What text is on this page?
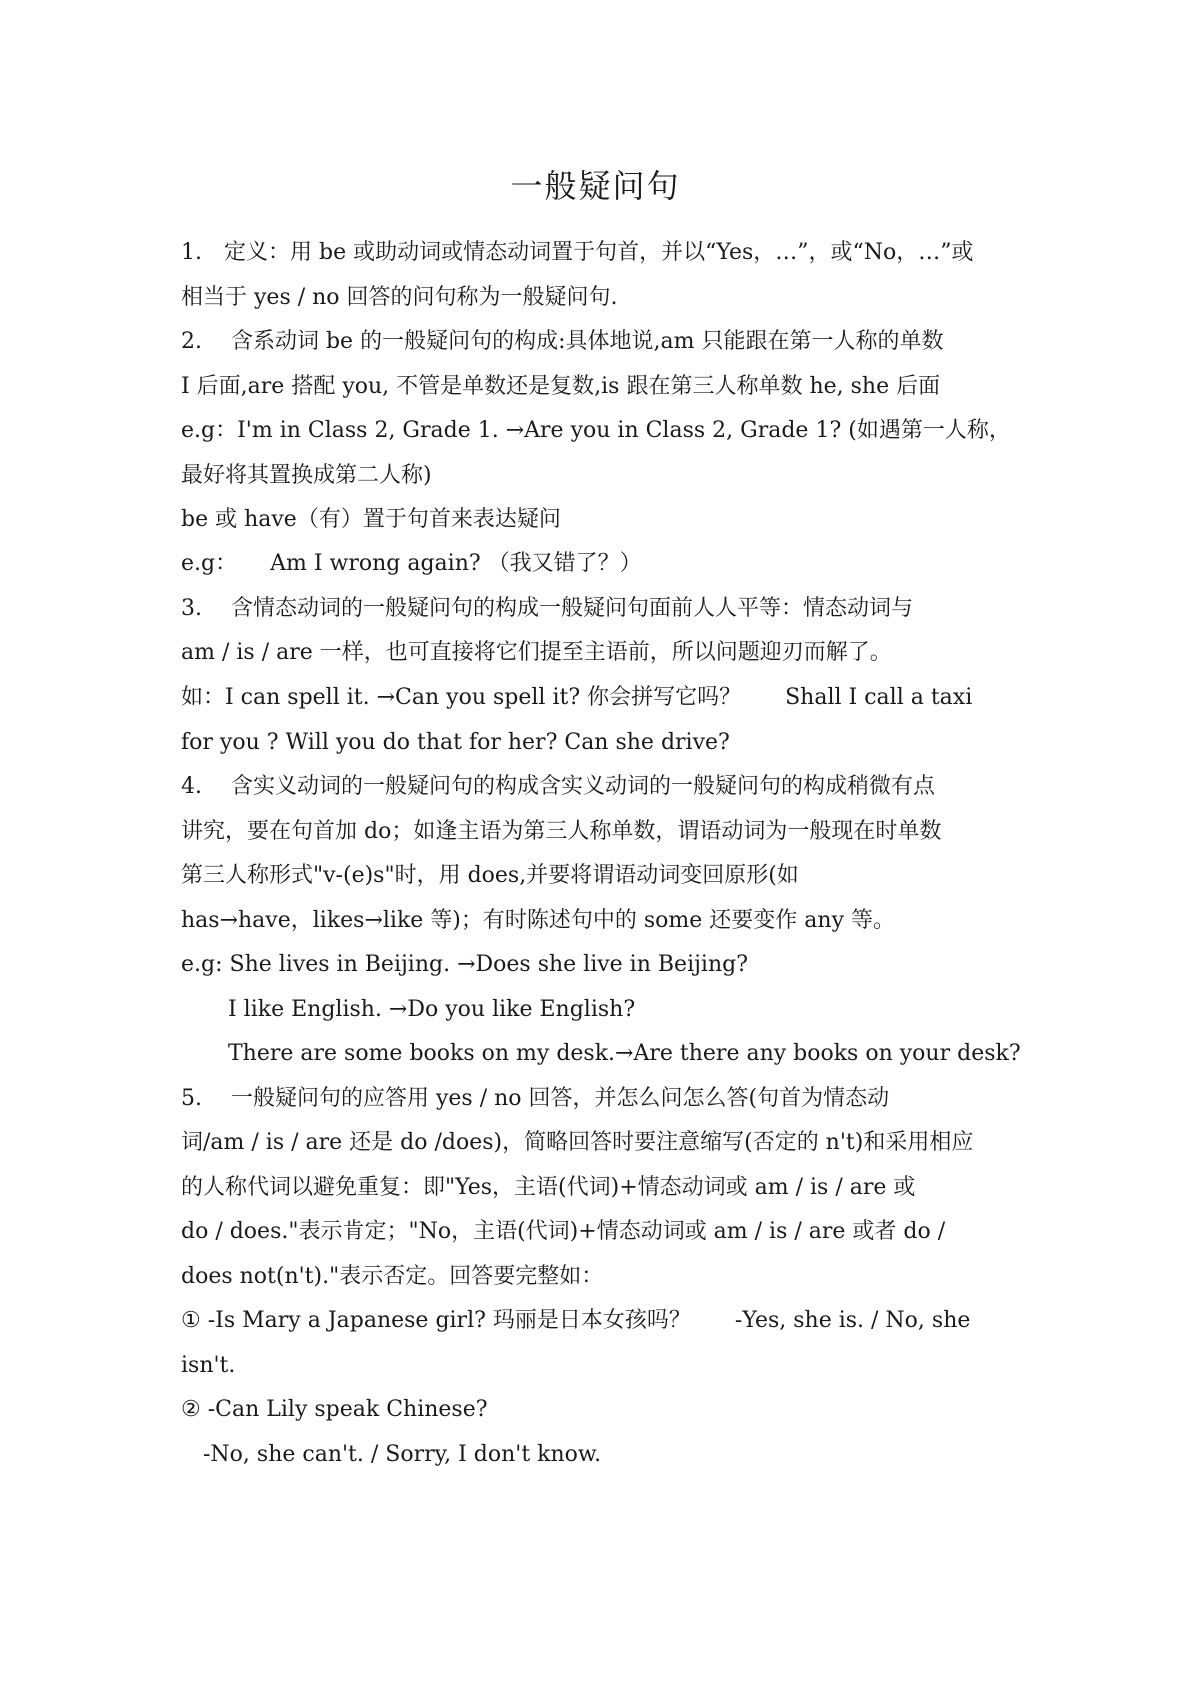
一般疑问句
1.　定义：用 be 或助动词或情态动词置于句首，并以“Yes，…”，或“No，…”或
相当于 yes / no 回答的问句称为一般疑问句.
2.　 含系动词 be 的一般疑问句的构成:具体地说,am 只能跟在第一人称的单数
I 后面,are 搭配 you, 不管是单数还是复数,is 跟在第三人称单数 he, she 后面
e.g：I'm in Class 2, Grade 1. →Are you in Class 2, Grade 1? (如遇第一人称，
最好将其置换成第二人称)
be 或 have（有）置于句首来表达疑问
e.g：　　Am I wrong again? （我又错了？）
3.　 含情态动词的一般疑问句的构成一般疑问句面前人人平等：情态动词与
am / is / are 一样，也可直接将它们提至主语前，所以问题迎刃而解了。
如：I can spell it. →Can you spell it? 你会拼写它吗？　　Shall I call a taxi
for you ? Will you do that for her? Can she drive?
4.　 含实义动词的一般疑问句的构成含实义动词的一般疑问句的构成稍微有点
讲究，要在句首加 do；如逢主语为第三人称单数，谓语动词为一般现在时单数
第三人称形式"v-(e)s"时，用 does,并要将谓语动词变回原形(如
has→have，likes→like 等)；有时陈述句中的 some 还要变作 any 等。
e.g: She lives in Beijing. →Does she live in Beijing?
I like English. →Do you like English?
There are some books on my desk.→Are there any books on your desk?
5.　 一般疑问句的应答用 yes / no 回答，并怎么问怎么答(句首为情态动
词/am / is / are 还是 do /does)，简略回答时要注意缩写(否定的 n't)和采用相应
的人称代词以避免重复：即"Yes，主语(代词)+情态动词或 am / is / are 或
do / does."表示肯定；"No，主语(代词)+情态动词或 am / is / are 或者 do /
does not(n't)."表示否定。回答要完整如：
① -Is Mary a Japanese girl? 玛丽是日本女孩吗？　　-Yes, she is. / No, she
isn't.
② -Can Lily speak Chinese?
-No, she can't. / Sorry, I don't know.
